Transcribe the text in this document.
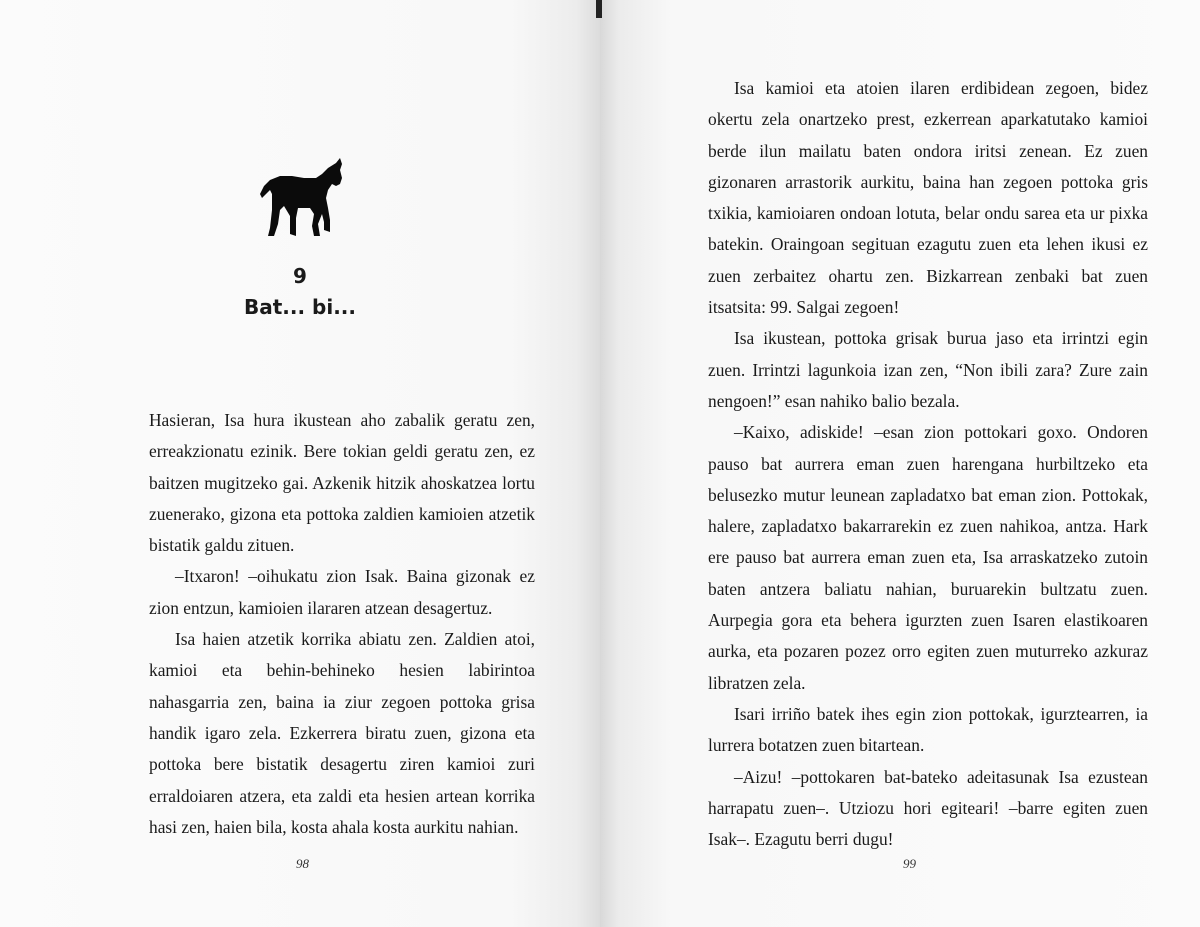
9
Bat... bi...

Hasieran, Isa hura ikustean aho zabalik geratu zen, erreakzionatu ezinik. Bere tokian geldi geratu zen, ez baitzen mugitzeko gai. Azkenik hitzik ahoskatzea lortu zuenerako, gizona eta pottoka zaldien kamioien atzetik bistatik galdu zituen.

–Itxaron! –oihukatu zion Isak. Baina gizonak ez zion entzun, kamioien ilararen atzean desagertuz.

Isa haien atzetik korrika abiatu zen. Zaldien atoi, kamioi eta behin-behineko hesien labirintoa nahasgarria zen, baina ia ziur zegoen pottoka grisa handik igaro zela. Ezkerrera biratu zuen, gizona eta pottoka bere bistatik desagertu ziren kamioi zuri erraldoiaren atzera, eta zaldi eta hesien artean korrika hasi zen, haien bila, kosta ahala kosta aurkitu nahian.

98

Isa kamioi eta atoien ilaren erdibidean zegoen, bidez okertu zela onartzeko prest, ezkerrean aparkatutako kamioi berde ilun mailatu baten ondora iritsi zenean. Ez zuen gizonaren arrastorik aurkitu, baina han zegoen pottoka gris txikia, kamioiaren ondoan lotuta, belar ondu sarea eta ur pixka batekin. Oraingoan segituan ezagutu zuen eta lehen ikusi ez zuen zerbaitez ohartu zen. Bizkarrean zenbaki bat zuen itsatsita: 99. Salgai zegoen!

Isa ikustean, pottoka grisak burua jaso eta irrintzi egin zuen. Irrintzi lagunkoia izan zen, “Non ibili zara? Zure zain nengoen!” esan nahiko balio bezala.

–Kaixo, adiskide! –esan zion pottokari goxo. Ondoren pauso bat aurrera eman zuen harengana hurbiltzeko eta belusezko mutur leunean zapladatxo bat eman zion. Pottokak, halere, zapladatxo bakarrarekin ez zuen nahikoa, antza. Hark ere pauso bat aurrera eman zuen eta, Isa arraskatzeko zutoin baten antzera baliatu nahian, buruarekin bultzatu zuen. Aurpegia gora eta behera igurzten zuen Isaren elastikoaren aurka, eta pozaren pozez orro egiten zuen muturreko azkuraz libratzen zela.

Isari irriño batek ihes egin zion pottokak, igurztearren, ia lurrera botatzen zuen bitartean.

–Aizu! –pottokaren bat-bateko adeitasunak Isa ezustean harrapatu zuen–. Utziozu hori egiteari! –barre egiten zuen Isak–. Ezagutu berri dugu!

99
